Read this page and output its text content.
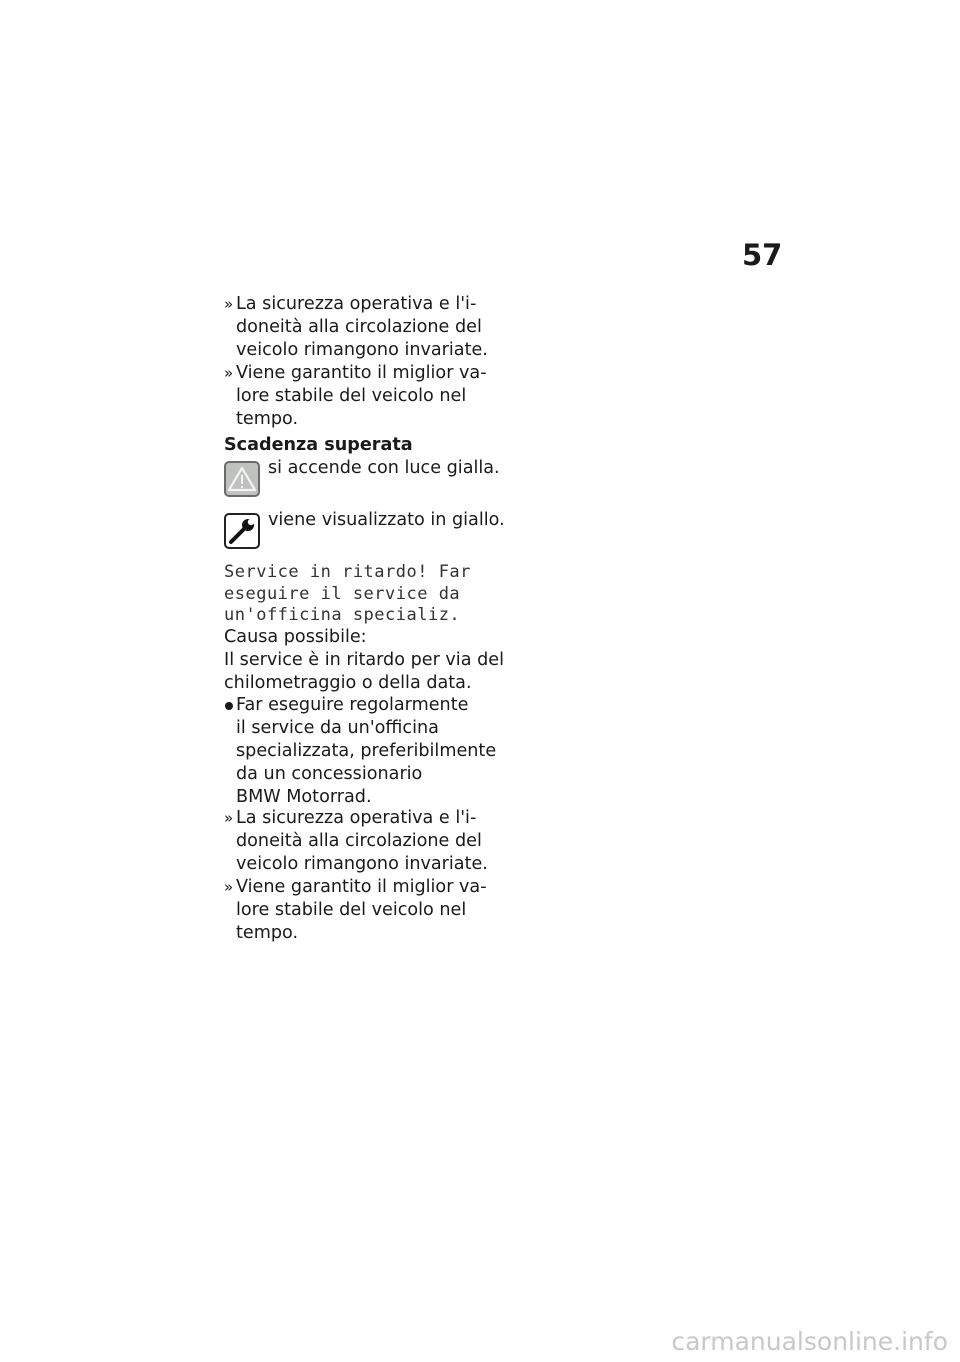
57
» La sicurezza operativa e l'i-
doneità alla circolazione del
veicolo rimangono invariate.
» Viene garantito il miglior va-
lore stabile del veicolo nel
tempo.
Scadenza superata
si accende con luce gialla.
viene visualizzato in giallo.
Service in ritardo! Far
eseguire il service da
un'officina specializ.
Causa possibile:
Il service è in ritardo per via del
chilometraggio o della data.
Far eseguire regolarmente
il service da un'officina
specializzata, preferibilmente
da un concessionario
BMW Motorrad.
» La sicurezza operativa e l'i-
doneità alla circolazione del
veicolo rimangono invariate.
» Viene garantito il miglior va-
lore stabile del veicolo nel
tempo.
carmanualsonline.info
